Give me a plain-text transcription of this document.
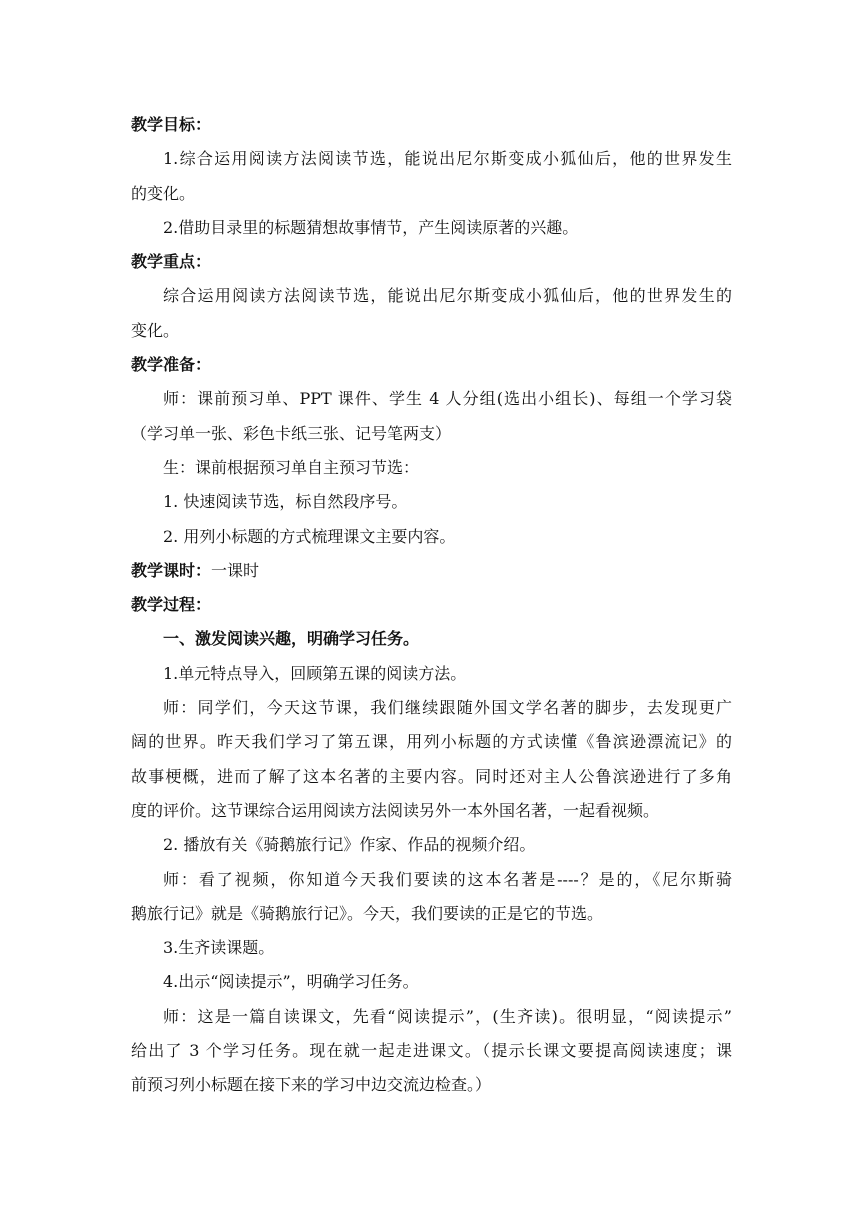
教学目标：
1.综合运用阅读方法阅读节选，能说出尼尔斯变成小狐仙后，他的世界发生
的变化。
2.借助目录里的标题猜想故事情节，产生阅读原著的兴趣。
教学重点：
综合运用阅读方法阅读节选，能说出尼尔斯变成小狐仙后，他的世界发生的
变化。
教学准备：
师：课前预习单、PPT 课件、学生 4 人分组(选出小组长)、每组一个学习袋
（学习单一张、彩色卡纸三张、记号笔两支）
生：课前根据预习单自主预习节选：
1. 快速阅读节选，标自然段序号。
2. 用列小标题的方式梳理课文主要内容。
教学课时：一课时
教学过程：
一、激发阅读兴趣，明确学习任务。
1.单元特点导入，回顾第五课的阅读方法。
师：同学们，今天这节课，我们继续跟随外国文学名著的脚步，去发现更广
阔的世界。昨天我们学习了第五课，用列小标题的方式读懂《鲁滨逊漂流记》的
故事梗概，进而了解了这本名著的主要内容。同时还对主人公鲁滨逊进行了多角
度的评价。这节课综合运用阅读方法阅读另外一本外国名著，一起看视频。
2. 播放有关《骑鹅旅行记》作家、作品的视频介绍。
师：看了视频，你知道今天我们要读的这本名著是----？是的，《尼尔斯骑
鹅旅行记》就是《骑鹅旅行记》。今天，我们要读的正是它的节选。
3.生齐读课题。
4.出示“阅读提示”，明确学习任务。
师：这是一篇自读课文，先看“阅读提示”，(生齐读)。很明显，“阅读提示”
给出了 3 个学习任务。现在就一起走进课文。（提示长课文要提高阅读速度；课
前预习列小标题在接下来的学习中边交流边检查。）
